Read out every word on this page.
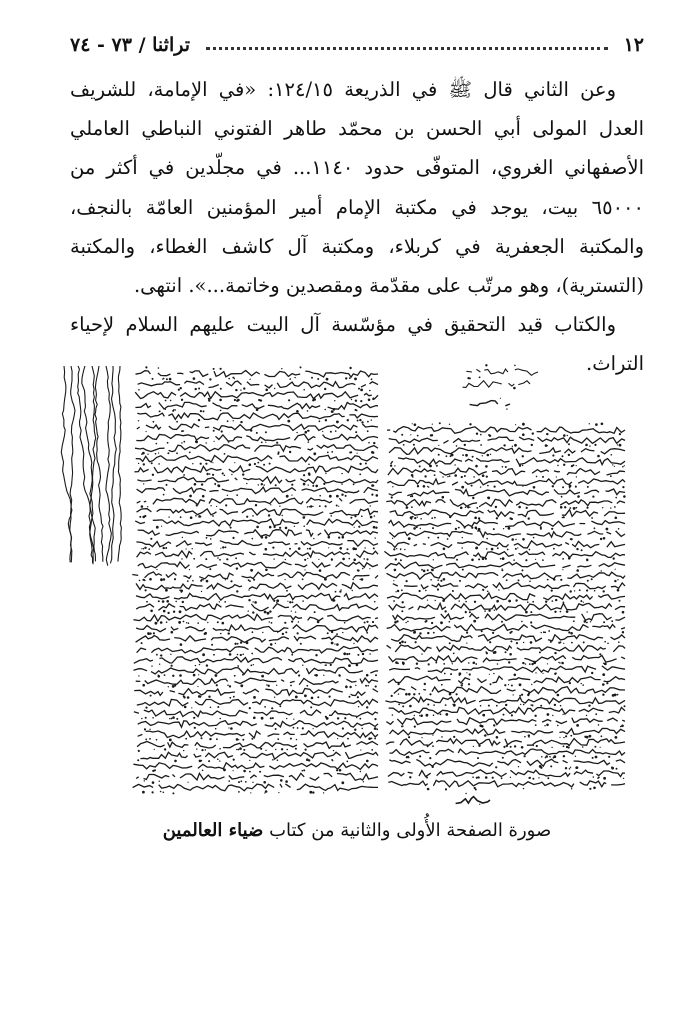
١٢
تراثنا / ٧٣ - ٧٤

وعن الثاني قال ﷺ في الذريعة ١٢٤/١٥: «في الإمامة، للشريف العدل المولى أبي الحسن بن محمّد طاهر الفتوني النباطي العاملي الأصفهاني الغروي، المتوفّى حدود ١١٤٠... في مجلّدين في أكثر من ٦٥٠٠٠ بيت، يوجد في مكتبة الإمام أمير المؤمنين العامّة بالنجف، والمكتبة الجعفرية في كربلاء، ومكتبة آل كاشف الغطاء، والمكتبة (التسترية)، وهو مرتّب على مقدّمة ومقصدين وخاتمة...». انتهى.

والكتاب قيد التحقيق في مؤسّسة آل البيت عليهم السلام لإحياء التراث.

صورة الصفحة الأُولى والثانية من كتاب ضياء العالمين
